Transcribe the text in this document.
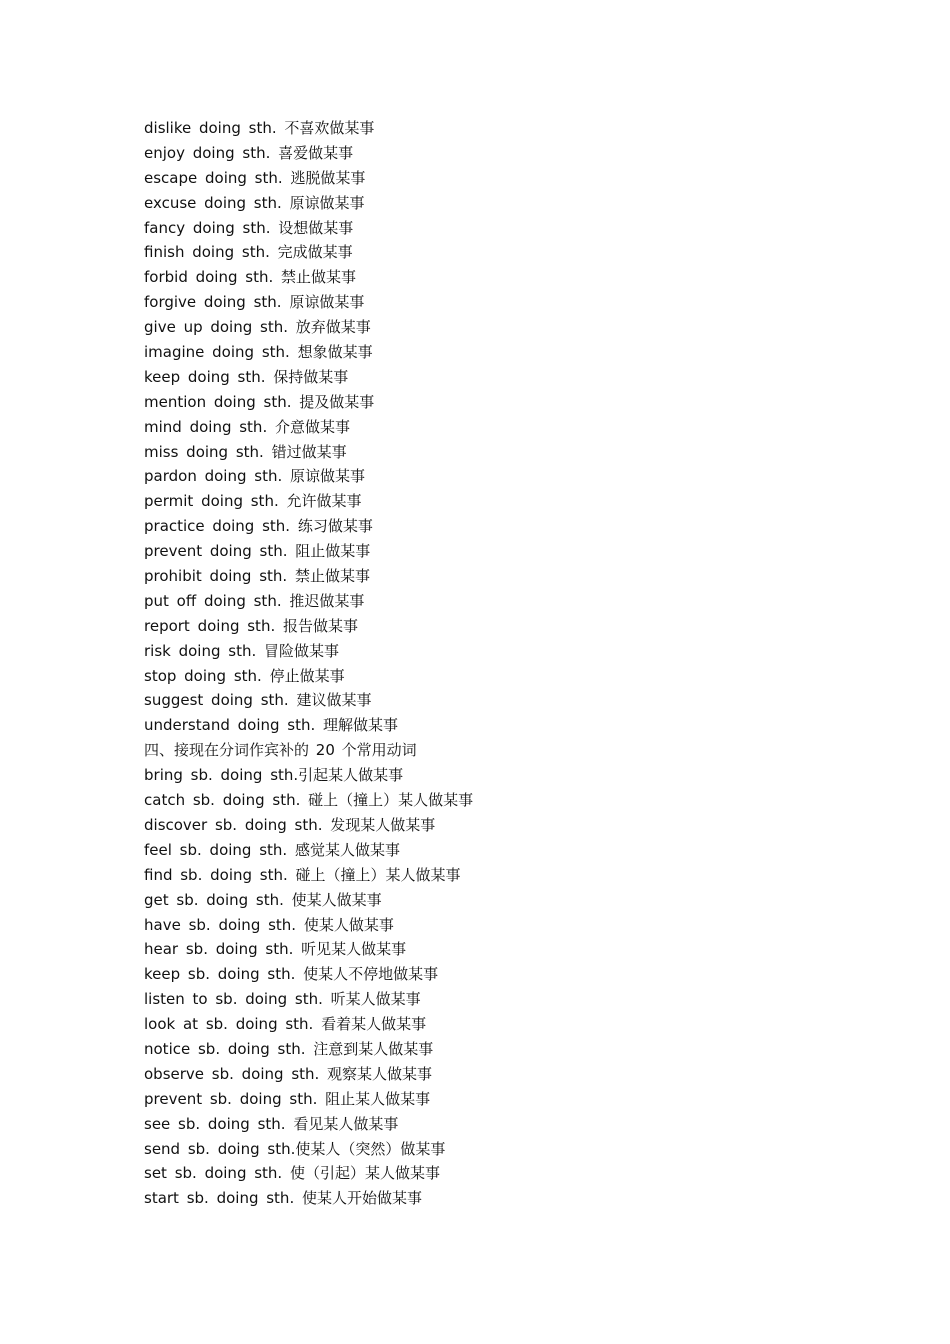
dislike doing sth. 不喜欢做某事
enjoy doing sth. 喜爱做某事
escape doing sth. 逃脱做某事
excuse doing sth. 原谅做某事
fancy doing sth. 设想做某事
finish doing sth. 完成做某事
forbid doing sth. 禁止做某事
forgive doing sth. 原谅做某事
give up doing sth. 放弃做某事
imagine doing sth. 想象做某事
keep doing sth. 保持做某事
mention doing sth. 提及做某事
mind doing sth. 介意做某事
miss doing sth. 错过做某事
pardon doing sth. 原谅做某事
permit doing sth. 允许做某事
practice doing sth. 练习做某事
prevent doing sth. 阻止做某事
prohibit doing sth. 禁止做某事
put off doing sth. 推迟做某事
report doing sth. 报告做某事
risk doing sth. 冒险做某事
stop doing sth. 停止做某事
suggest doing sth. 建议做某事
understand doing sth. 理解做某事
四、接现在分词作宾补的 20 个常用动词
bring sb. doing sth.引起某人做某事
catch sb. doing sth. 碰上（撞上）某人做某事
discover sb. doing sth. 发现某人做某事
feel sb. doing sth. 感觉某人做某事
find sb. doing sth. 碰上（撞上）某人做某事
get sb. doing sth. 使某人做某事
have sb. doing sth. 使某人做某事
hear sb. doing sth. 听见某人做某事
keep sb. doing sth. 使某人不停地做某事
listen to sb. doing sth. 听某人做某事
look at sb. doing sth. 看着某人做某事
notice sb. doing sth. 注意到某人做某事
observe sb. doing sth. 观察某人做某事
prevent sb. doing sth. 阻止某人做某事
see sb. doing sth. 看见某人做某事
send sb. doing sth.使某人（突然）做某事
set sb. doing sth. 使（引起）某人做某事
start sb. doing sth. 使某人开始做某事
